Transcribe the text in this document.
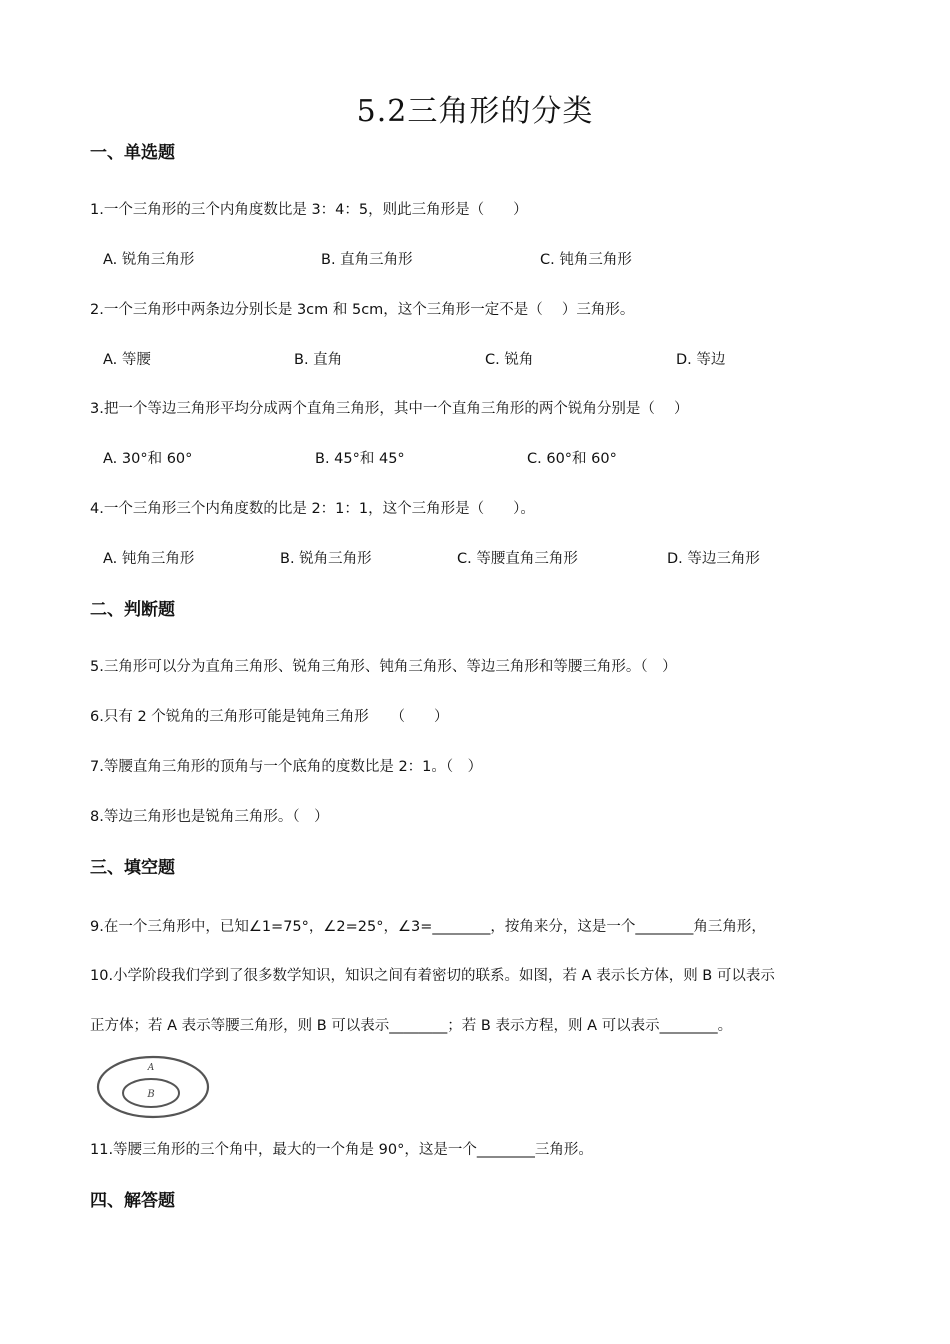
5.2三角形的分类
一、单选题

1.一个三角形的三个内角度数比是 3：4：5，则此三角形是（　　）

A. 锐角三角形	B. 直角三角形	C. 钝角三角形

2.一个三角形中两条边分别长是 3cm 和 5cm，这个三角形一定不是（　 ）三角形。

A. 等腰	B. 直角	C. 锐角	D. 等边

3.把一个等边三角形平均分成两个直角三角形，其中一个直角三角形的两个锐角分别是（　 ）

A. 30°和 60°	B. 45°和 45°	C. 60°和 60°

4.一个三角形三个内角度数的比是 2：1：1，这个三角形是（　　）。

A. 钝角三角形	B. 锐角三角形	C. 等腰直角三角形	D. 等边三角形
二、判断题

5.三角形可以分为直角三角形、锐角三角形、钝角三角形、等边三角形和等腰三角形。（　）

6.只有 2 个锐角的三角形可能是钝角三角形　　（　　）

7.等腰直角三角形的顶角与一个底角的度数比是 2：1。（　）

8.等边三角形也是锐角三角形。（　）

三、填空题

9.在一个三角形中，已知∠1=75°，∠2=25°，∠3=________，按角来分，这是一个________角三角形，

10.小学阶段我们学到了很多数学知识，知识之间有着密切的联系。如图，若 A 表示长方体，则 B 可以表示

正方体；若 A 表示等腰三角形，则 B 可以表示________；若 B 表示方程，则 A 可以表示________。

A
B

11.等腰三角形的三个角中，最大的一个角是 90°，这是一个________三角形。

四、解答题
